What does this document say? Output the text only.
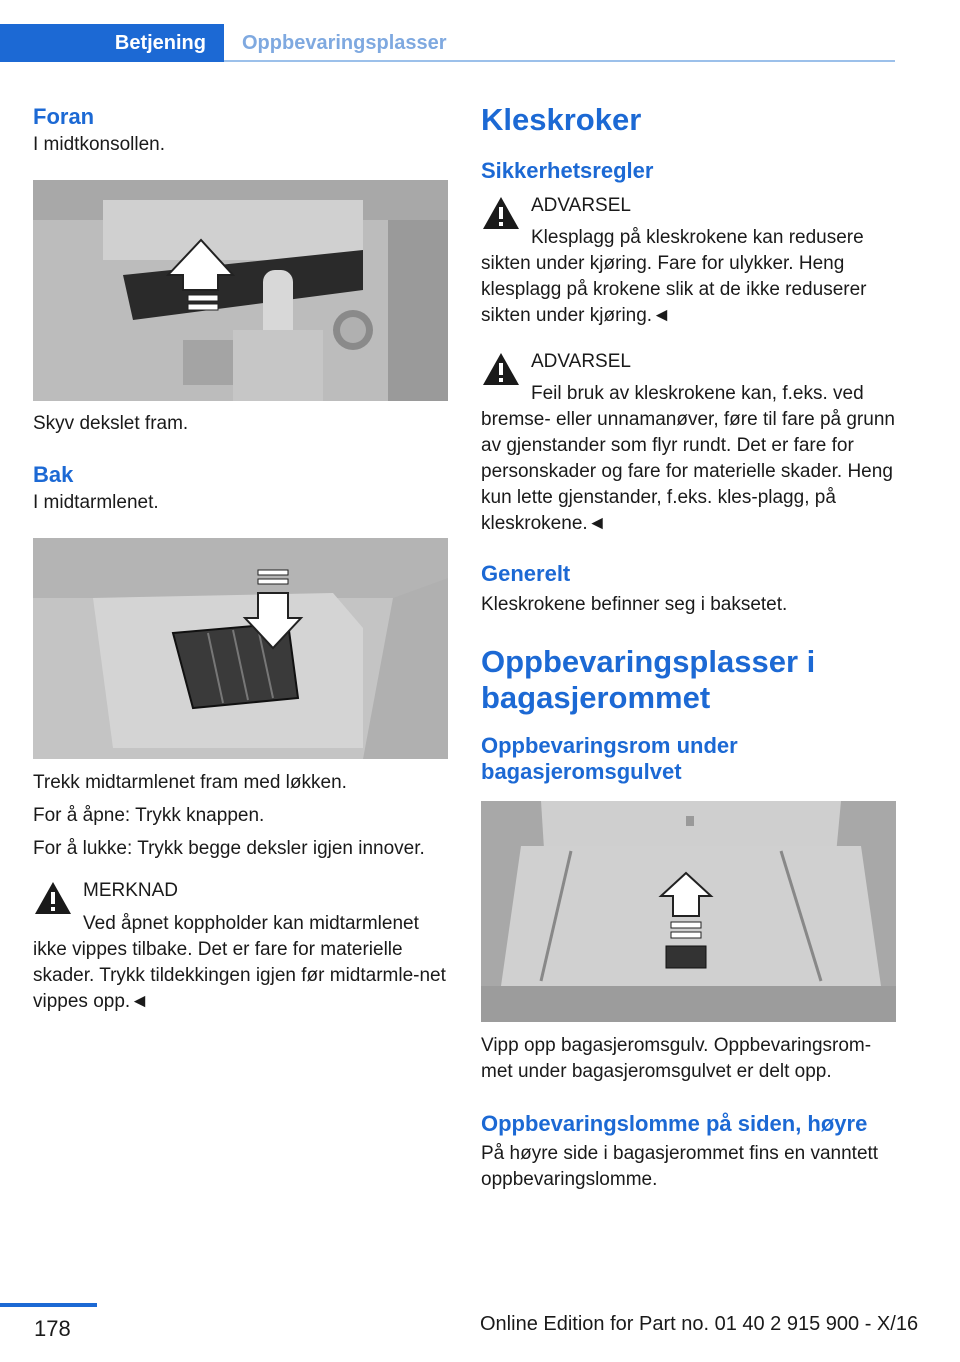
Betjening	Oppbevaringsplasser
Foran
I midtkonsollen.
Skyv dekslet fram.
Bak
I midtarmlenet.
Trekk midtarmlenet fram med løkken.
For å åpne: Trykk knappen.
For å lukke: Trykk begge deksler igjen innover.
MERKNAD
Ved åpnet koppholder kan midtarmlenet
ikke vippes tilbake. Det er fare for materielle skader. Trykk tildekkingen igjen før midtarmle‐net vippes opp.◄
Kleskroker
Sikkerhetsregler
ADVARSEL
Klesplagg på kleskrokene kan redusere
sikten under kjøring. Fare for ulykker. Heng klesplagg på krokene slik at de ikke reduserer sikten under kjøring.◄
ADVARSEL
Feil bruk av kleskrokene kan, f.eks. ved
bremse- eller unnamanøver, føre til fare på grunn av gjenstander som flyr rundt. Det er fare for personskader og fare for materielle skader. Heng kun lette gjenstander, f.eks. kles‐plagg, på kleskrokene.◄
Generelt
Kleskrokene befinner seg i baksetet.
Oppbevaringsplasser i bagasjerommet
Oppbevaringsrom under bagasjeromsgulvet
Vipp opp bagasjeromsgulv. Oppbevaringsrom‐met under bagasjeromsgulvet er delt opp.
Oppbevaringslomme på siden, høyre
På høyre side i bagasjerommet fins en vanntett oppbevaringslomme.
178	Online Edition for Part no. 01 40 2 915 900 - X/16
